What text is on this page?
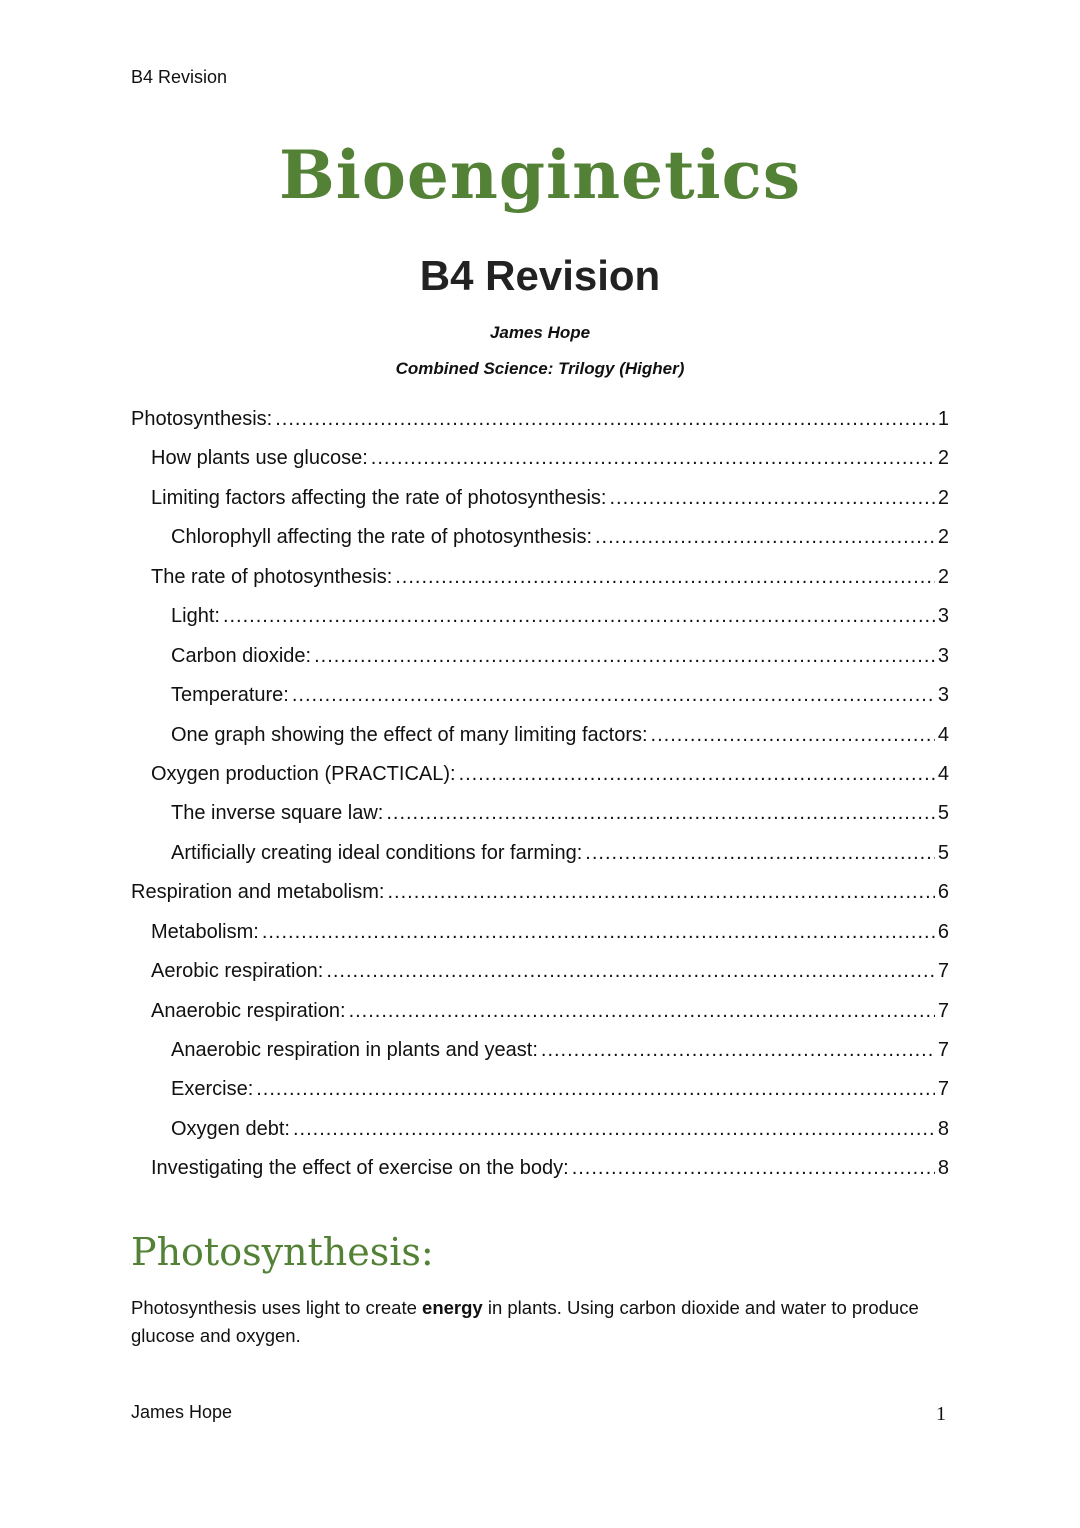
B4 Revision
Bioenginetics
B4 Revision
James Hope
Combined Science: Trilogy (Higher)
Photosynthesis: .....	1
How plants use glucose: .....	2
Limiting factors affecting the rate of photosynthesis: .....	2
Chlorophyll affecting the rate of photosynthesis: .....	2
The rate of photosynthesis: .....	2
Light: .....	3
Carbon dioxide: .....	3
Temperature: .....	3
One graph showing the effect of many limiting factors: .....	4
Oxygen production (PRACTICAL): .....	4
The inverse square law: .....	5
Artificially creating ideal conditions for farming: .....	5
Respiration and metabolism: .....	6
Metabolism: .....	6
Aerobic respiration: .....	7
Anaerobic respiration: .....	7
Anaerobic respiration in plants and yeast: .....	7
Exercise: .....	7
Oxygen debt: .....	8
Investigating the effect of exercise on the body: .....	8
Photosynthesis:
Photosynthesis uses light to create energy in plants. Using carbon dioxide and water to produce glucose and oxygen.
James Hope	1
